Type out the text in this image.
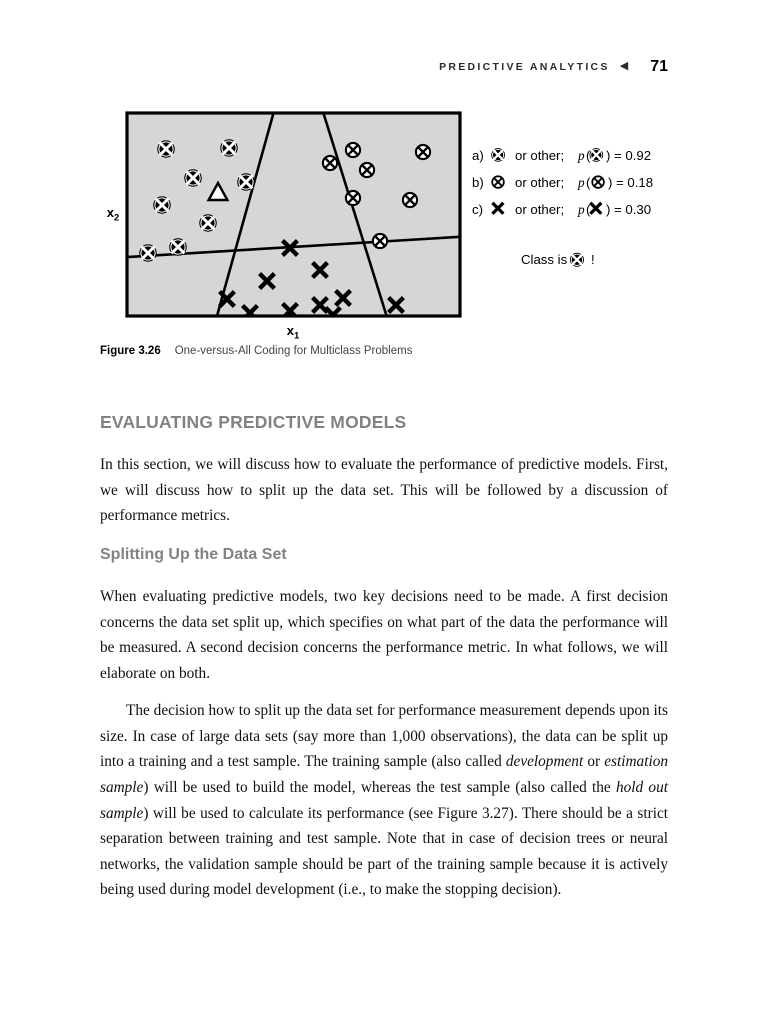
PREDICTIVE ANALYTICS ◀ 71
$x_2$
$x_1$
a) or other; p ( ) = 0.92
b) or other; p ( ) = 0.18
c) or other; p ( ) = 0.30
Class is !
Figure 3.26 One-versus-All Coding for Multiclass Problems
EVALUATING PREDICTIVE MODELS
Splitting Up the Data Set

In this section, we will discuss how to evaluate the performance of predictive models. First, we will discuss how to split up the data set. This will be followed by a discussion of performance metrics.

When evaluating predictive models, two key decisions need to be made. A first decision concerns the data set split up, which specifies on what part of the data the performance will be measured. A second decision concerns the performance metric. In what follows, we will elaborate on both.

The decision how to split up the data set for performance measurement depends upon its size. In case of large data sets (say more than 1,000 observations), the data can be split up into a training and a test sample. The training sample (also called development or estimation sample) will be used to build the model, whereas the test sample (also called the hold out sample) will be used to calculate its performance (see Figure 3.27). There should be a strict separation between training and test sample. Note that in case of decision trees or neural networks, the validation sample should be part of the training sample because it is actively being used during model development (i.e., to make the stopping decision).
